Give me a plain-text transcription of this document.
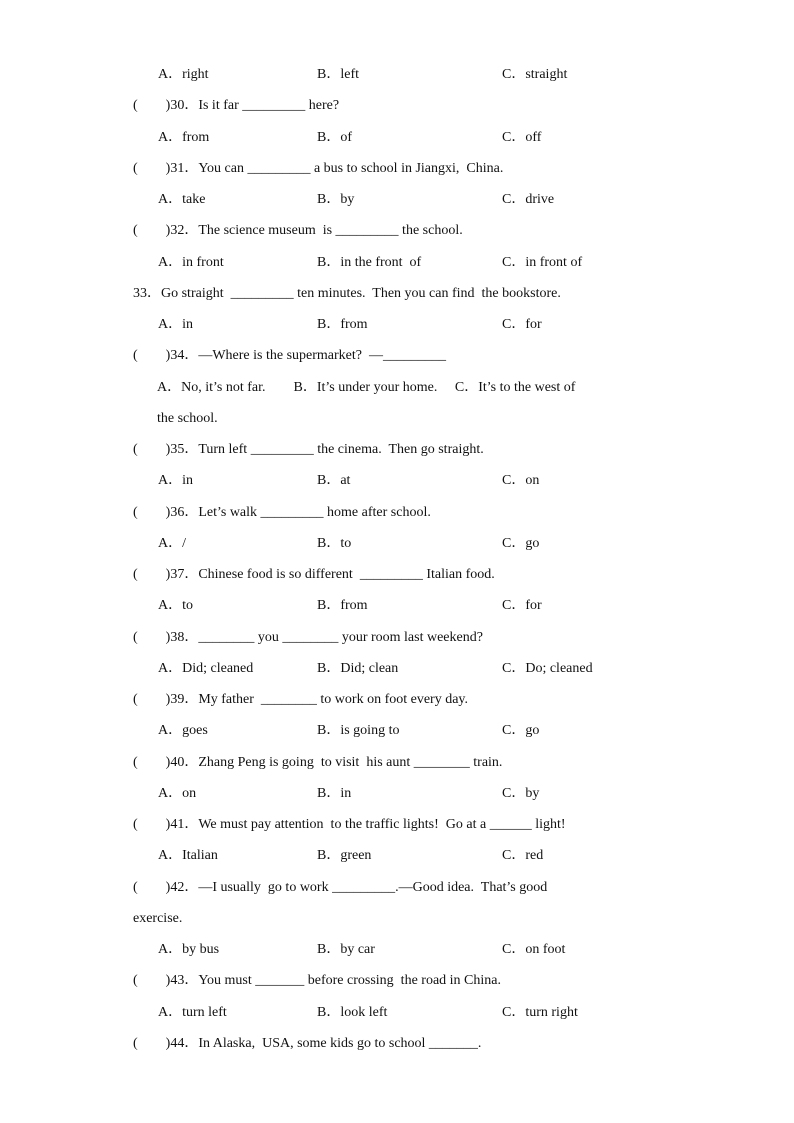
A．right	B．left	C．straight
(　　)30．Is it far _________ here?
A．from	B．of	C．off
(　　)31．You can _________ a bus to school in Jiangxi,  China.
A．take	B．by	C．drive
(　　)32．The science museum  is _________ the school.
A．in front	B．in the front  of	C．in front of
33．Go straight  _________ ten minutes.  Then you can find  the bookstore.
A．in	B．from	C．for
(　　)34．—Where is the supermarket?  —_________
A．No, it’s not far.        B．It’s under your home.     C．It’s to the west of
the school.
(　　)35．Turn left _________ the cinema.  Then go straight.
A．in	B．at	C．on
(　　)36．Let’s walk _________ home after school.
A．/	B．to	C．go
(　　)37．Chinese food is so different  _________ Italian food.
A．to	B．from	C．for
(　　)38．________ you ________ your room last weekend?
A．Did; cleaned	B．Did; clean	C．Do; cleaned
(　　)39．My father  ________ to work on foot every day.
A．goes	B．is going to	C．go
(　　)40．Zhang Peng is going  to visit  his aunt ________ train.
A．on	B．in	C．by
(　　)41．We must pay attention  to the traffic lights!  Go at a ______ light!
A．Italian	B．green	C．red
(　　)42．—I usually  go to work _________.—Good idea.  That’s good
exercise.
A．by bus	B．by car	C．on foot
(　　)43．You must _______ before crossing  the road in China.
A．turn left	B．look left	C．turn right
(　　)44．In Alaska,  USA, some kids go to school _______.
